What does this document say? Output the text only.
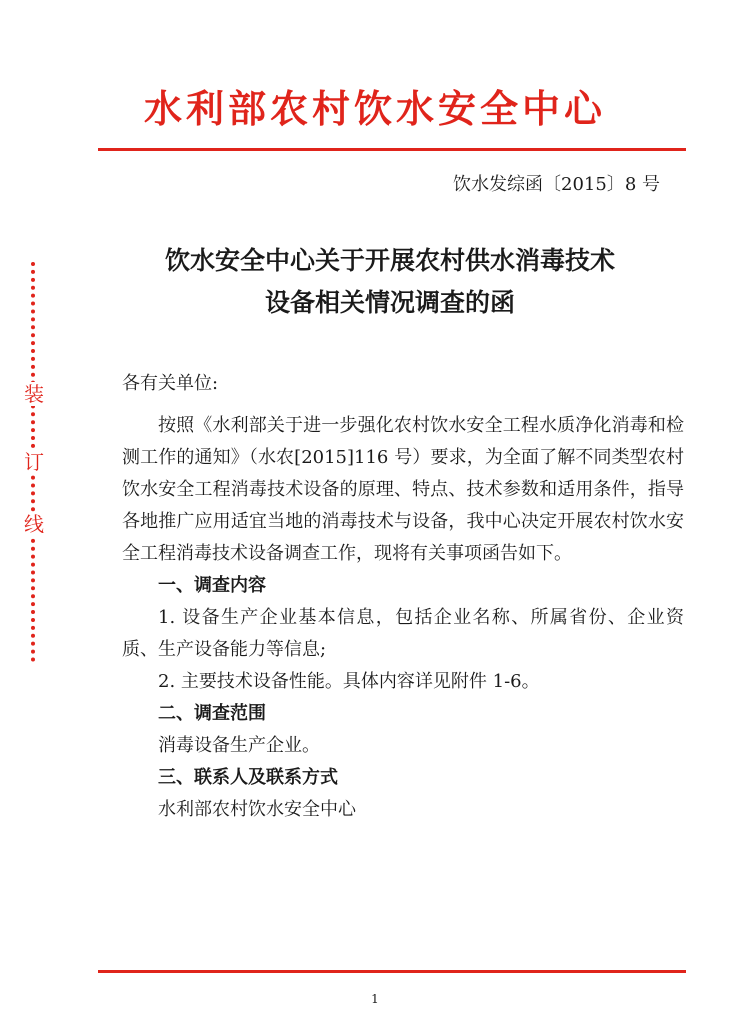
水利部农村饮水安全中心
饮水发综函〔2015〕8 号
饮水安全中心关于开展农村供水消毒技术
设备相关情况调查的函
装
订
线

各有关单位:

按照《水利部关于进一步强化农村饮水安全工程水质净化消毒和检测工作的通知》（水农[2015]116 号）要求，为全面了解不同类型农村饮水安全工程消毒技术设备的原理、特点、技术参数和适用条件，指导各地推广应用适宜当地的消毒技术与设备，我中心决定开展农村饮水安全工程消毒技术设备调查工作，现将有关事项函告如下。

一、调查内容

1. 设备生产企业基本信息，包括企业名称、所属省份、企业资质、生产设备能力等信息;

2. 主要技术设备性能。具体内容详见附件 1-6。

二、调查范围

消毒设备生产企业。

三、联系人及联系方式

水利部农村饮水安全中心

1
